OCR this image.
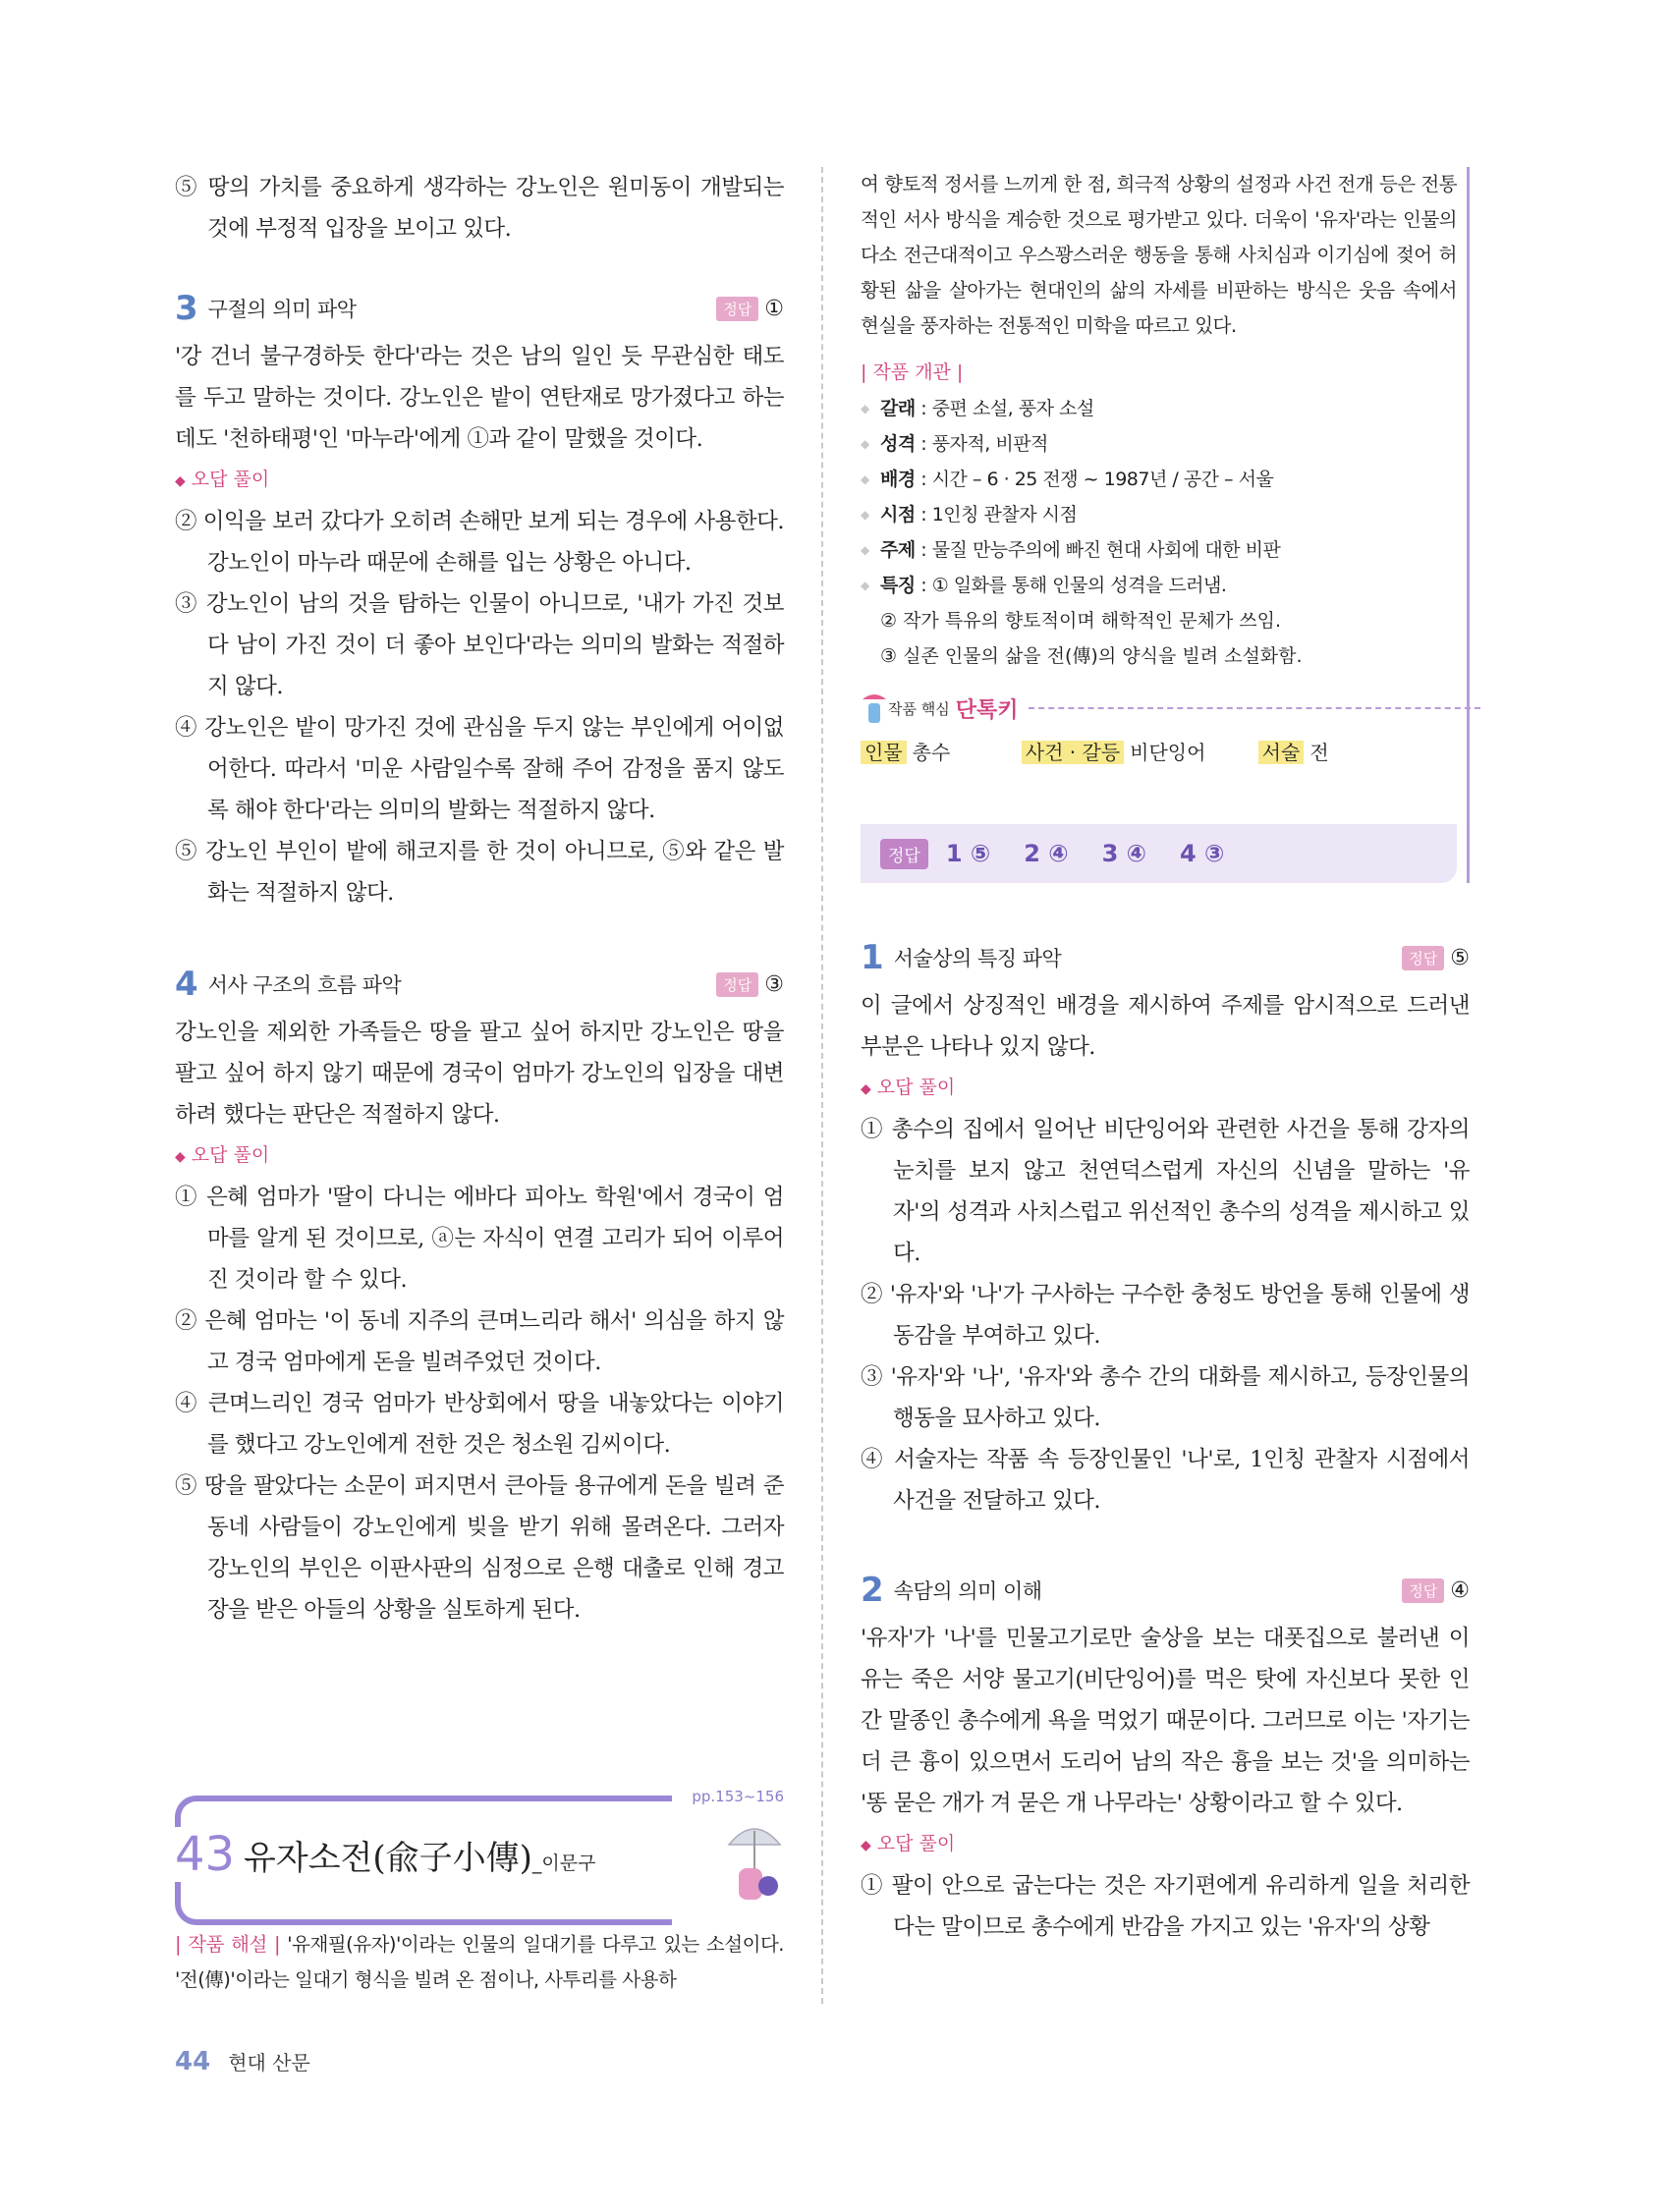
⑤ 땅의 가치를 중요하게 생각하는 강노인은 원미동이 개발되는 것에 부정적 입장을 보이고 있다.

3 구절의 의미 파악	정답 ①

'강 건너 불구경하듯 한다'라는 것은 남의 일인 듯 무관심한 태도를 두고 말하는 것이다. 강노인은 밭이 연탄재로 망가졌다고 하는데도 '천하태평'인 '마누라'에게 ①과 같이 말했을 것이다.

◆ 오답 풀이

② 이익을 보러 갔다가 오히려 손해만 보게 되는 경우에 사용한다. 강노인이 마누라 때문에 손해를 입는 상황은 아니다.

③ 강노인이 남의 것을 탐하는 인물이 아니므로, '내가 가진 것보다 남이 가진 것이 더 좋아 보인다'라는 의미의 발화는 적절하지 않다.

④ 강노인은 밭이 망가진 것에 관심을 두지 않는 부인에게 어이없어한다. 따라서 '미운 사람일수록 잘해 주어 감정을 품지 않도록 해야 한다'라는 의미의 발화는 적절하지 않다.

⑤ 강노인 부인이 밭에 해코지를 한 것이 아니므로, ⑤와 같은 발화는 적절하지 않다.

4 서사 구조의 흐름 파악	정답 ③

강노인을 제외한 가족들은 땅을 팔고 싶어 하지만 강노인은 땅을 팔고 싶어 하지 않기 때문에 경국이 엄마가 강노인의 입장을 대변하려 했다는 판단은 적절하지 않다.

◆ 오답 풀이

① 은혜 엄마가 '딸이 다니는 에바다 피아노 학원'에서 경국이 엄마를 알게 된 것이므로, ⓐ는 자식이 연결 고리가 되어 이루어진 것이라 할 수 있다.

② 은혜 엄마는 '이 동네 지주의 큰며느리라 해서' 의심을 하지 않고 경국 엄마에게 돈을 빌려주었던 것이다.

④ 큰며느리인 경국 엄마가 반상회에서 땅을 내놓았다는 이야기를 했다고 강노인에게 전한 것은 청소원 김씨이다.

⑤ 땅을 팔았다는 소문이 퍼지면서 큰아들 용규에게 돈을 빌려 준 동네 사람들이 강노인에게 빚을 받기 위해 몰려온다. 그러자 강노인의 부인은 이판사판의 심정으로 은행 대출로 인해 경고장을 받은 아들의 상황을 실토하게 된다.

pp.153~156
43 유자소전(兪子小傳)_이문구

| 작품 해설 | '유재필(유자)'이라는 인물의 일대기를 다루고 있는 소설이다. '전(傳)'이라는 일대기 형식을 빌려 온 점이나, 사투리를 사용하

여 향토적 정서를 느끼게 한 점, 희극적 상황의 설정과 사건 전개 등은 전통적인 서사 방식을 계승한 것으로 평가받고 있다. 더욱이 '유자'라는 인물의 다소 전근대적이고 우스꽝스러운 행동을 통해 사치심과 이기심에 젖어 허황된 삶을 살아가는 현대인의 삶의 자세를 비판하는 방식은 웃음 속에서 현실을 풍자하는 전통적인 미학을 따르고 있다.

| 작품 개관 |

◆ 갈래 : 중편 소설, 풍자 소설

◆ 성격 : 풍자적, 비판적

◆ 배경 : 시간 – 6 · 25 전쟁 ~ 1987년 / 공간 – 서울

◆ 시점 : 1인칭 관찰자 시점

◆ 주제 : 물질 만능주의에 빠진 현대 사회에 대한 비판

◆ 특징 : ① 일화를 통해 인물의 성격을 드러냄.

② 작가 특유의 향토적이며 해학적인 문체가 쓰임.

③ 실존 인물의 삶을 전(傳)의 양식을 빌려 소설화함.

작품 핵심 단톡키
인물 총수	사건 · 갈등 비단잉어	서술 전
정답	1 ⑤ 2 ④ 3 ④ 4 ③
1 서술상의 특징 파악	정답 ⑤

이 글에서 상징적인 배경을 제시하여 주제를 암시적으로 드러낸 부분은 나타나 있지 않다.

◆ 오답 풀이

① 총수의 집에서 일어난 비단잉어와 관련한 사건을 통해 강자의 눈치를 보지 않고 천연덕스럽게 자신의 신념을 말하는 '유자'의 성격과 사치스럽고 위선적인 총수의 성격을 제시하고 있다.

② '유자'와 '나'가 구사하는 구수한 충청도 방언을 통해 인물에 생동감을 부여하고 있다.

③ '유자'와 '나', '유자'와 총수 간의 대화를 제시하고, 등장인물의 행동을 묘사하고 있다.

④ 서술자는 작품 속 등장인물인 '나'로, 1인칭 관찰자 시점에서 사건을 전달하고 있다.

2 속담의 의미 이해	정답 ④

'유자'가 '나'를 민물고기로만 술상을 보는 대폿집으로 불러낸 이유는 죽은 서양 물고기(비단잉어)를 먹은 탓에 자신보다 못한 인간 말종인 총수에게 욕을 먹었기 때문이다. 그러므로 이는 '자기는 더 큰 흉이 있으면서 도리어 남의 작은 흉을 보는 것'을 의미하는 '똥 묻은 개가 겨 묻은 개 나무라는' 상황이라고 할 수 있다.

◆ 오답 풀이

① 팔이 안으로 굽는다는 것은 자기편에게 유리하게 일을 처리한다는 말이므로 총수에게 반감을 가지고 있는 '유자'의 상황

44 현대 산문
